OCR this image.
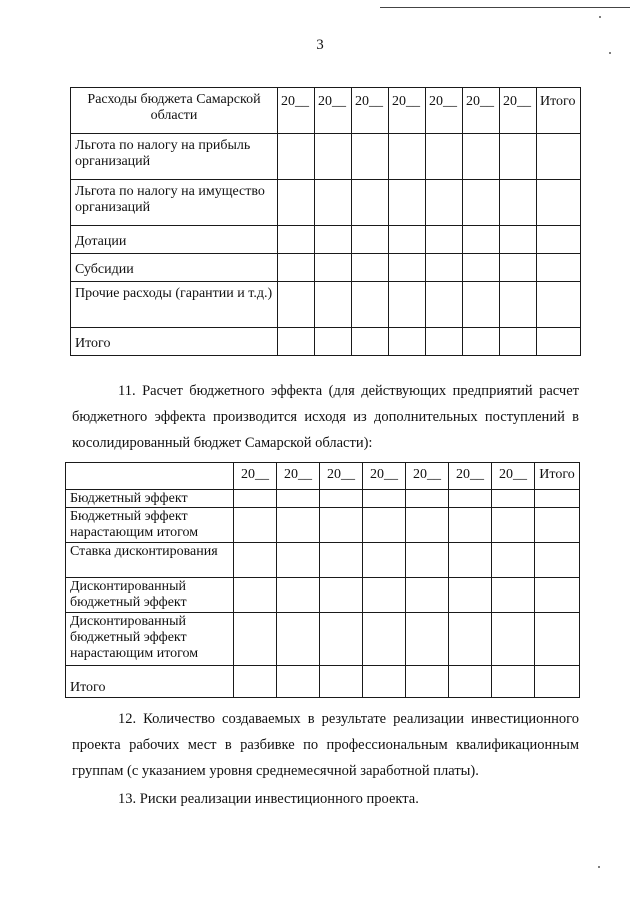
3
Расходы бюджета Самарской области	20__	20__	20__	20__	20__	20__	20__	Итого
Льгота по налогу на прибыль организаций								
Льгота по налогу на имущество организаций								
Дотации								
Субсидии								
Прочие расходы (гарантии и т.д.)								
Итого								
11. Расчет бюджетного эффекта (для действующих предприятий расчет бюджетного эффекта производится исходя из дополнительных поступлений в косолидированный бюджет Самарской области):
	20__	20__	20__	20__	20__	20__	20__	Итого
Бюджетный эффект								
Бюджетный эффект нарастающим итогом								
Ставка дисконтирования								
Дисконтированный бюджетный эффект								
Дисконтированный бюджетный эффект нарастающим итогом								
Итого								
12. Количество создаваемых в результате реализации инвестиционного проекта рабочих мест в разбивке по профессиональным квалификационным группам (с указанием уровня среднемесячной заработной платы).
13. Риски реализации инвестиционного проекта.
